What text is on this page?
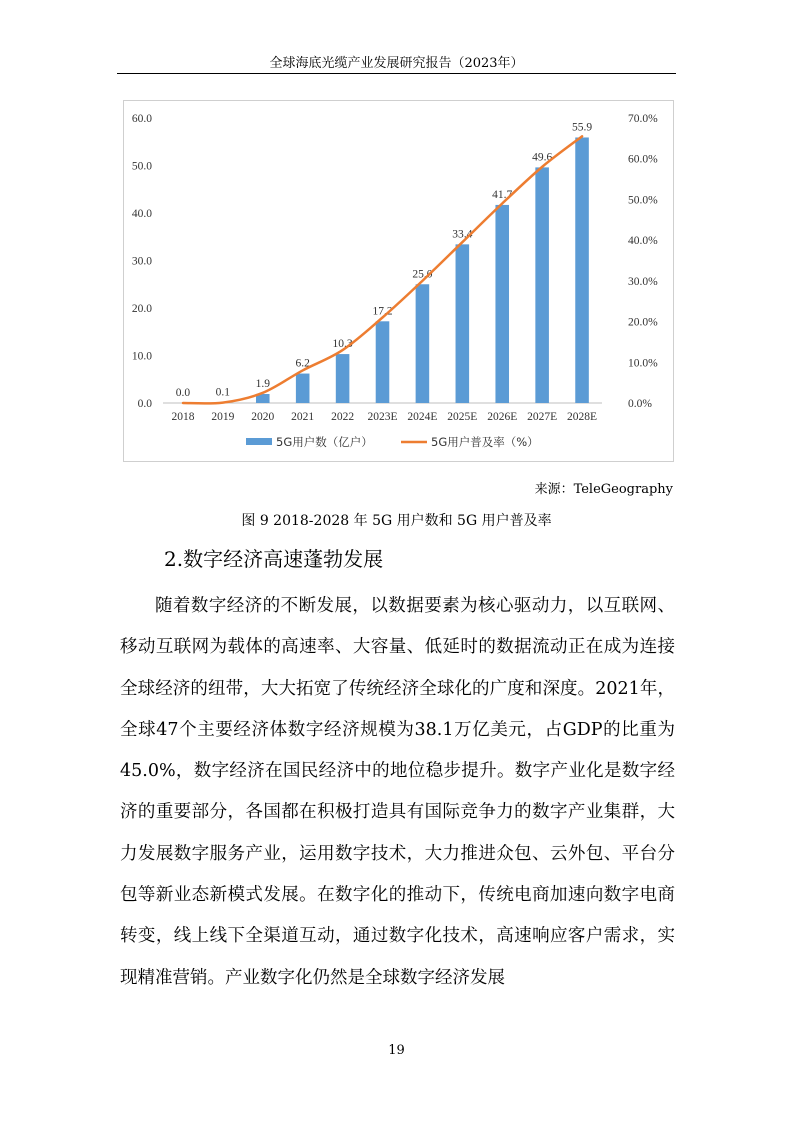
全球海底光缆产业发展研究报告（2023年）
0.0
10.0
20.0
30.0
40.0
50.0
60.0
0.0%
10.0%
20.0%
30.0%
40.0%
50.0%
60.0%
70.0%
0.0
2018
0.1
2019
1.9
2020
6.2
2021
10.3
2022
17.2
2023E
25.0
2024E
33.4
2025E
41.7
2026E
49.6
2027E
55.9
2028E
5G用户数（亿户）	5G用户普及率（%）
来源：TeleGeography
图 9 2018-2028 年 5G 用户数和 5G 用户普及率
2.数字经济高速蓬勃发展

随着数字经济的不断发展，以数据要素为核心驱动力，以互联网、移动互联网为载体的高速率、大容量、低延时的数据流动正在成为连接全球经济的纽带，大大拓宽了传统经济全球化的广度和深度。2021年，全球47个主要经济体数字经济规模为38.1万亿美元，占GDP的比重为45.0%，数字经济在国民经济中的地位稳步提升。数字产业化是数字经济的重要部分，各国都在积极打造具有国际竞争力的数字产业集群，大力发展数字服务产业，运用数字技术，大力推进众包、云外包、平台分包等新业态新模式发展。在数字化的推动下，传统电商加速向数字电商转变，线上线下全渠道互动，通过数字化技术，高速响应客户需求，实现精准营销。产业数字化仍然是全球数字经济发展

19
